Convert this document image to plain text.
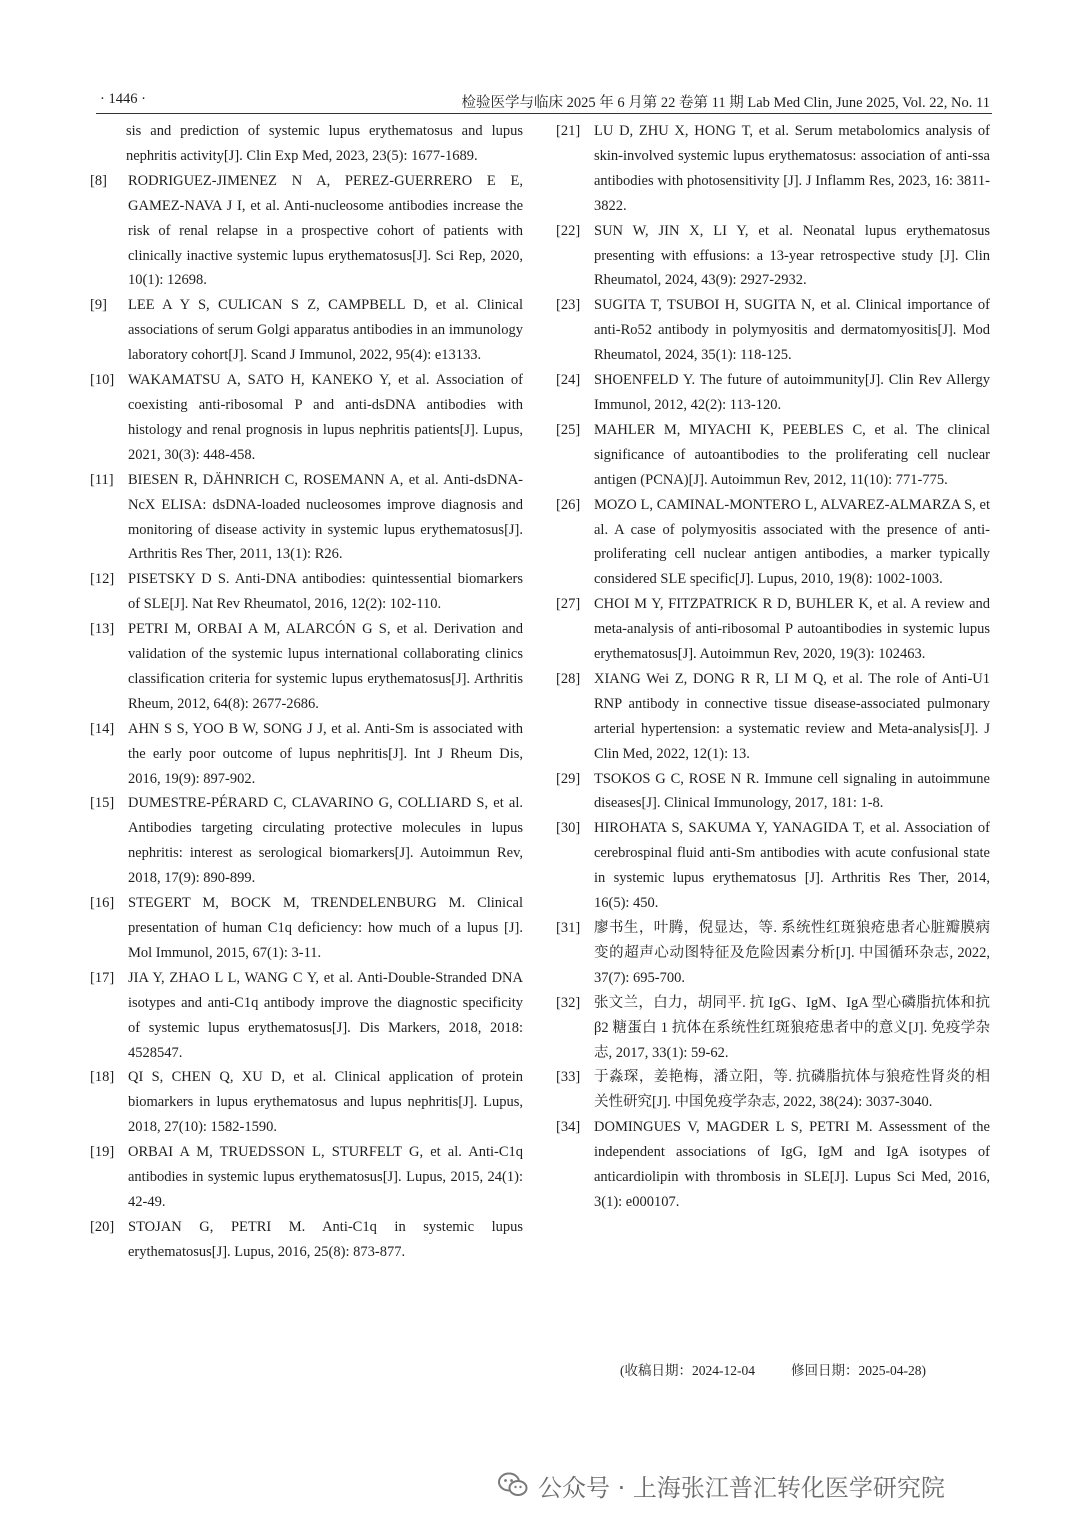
· 1446 ·	检验医学与临床 2025 年 6 月第 22 卷第 11 期 Lab Med Clin, June 2025, Vol. 22, No. 11
sis and prediction of systemic lupus erythematosus and lupus nephritis activity[J]. Clin Exp Med, 2023, 23(5): 1677-1689.
[8] RODRIGUEZ-JIMENEZ N A, PEREZ-GUERRERO E E, GAMEZ-NAVA J I, et al. Anti-nucleosome antibodies increase the risk of renal relapse in a prospective cohort of patients with clinically inactive systemic lupus erythematosus[J]. Sci Rep, 2020, 10(1): 12698.
[9] LEE A Y S, CULICAN S Z, CAMPBELL D, et al. Clinical associations of serum Golgi apparatus antibodies in an immunology laboratory cohort[J]. Scand J Immunol, 2022, 95(4): e13133.
[10] WAKAMATSU A, SATO H, KANEKO Y, et al. Association of coexisting anti-ribosomal P and anti-dsDNA antibodies with histology and renal prognosis in lupus nephritis patients[J]. Lupus, 2021, 30(3): 448-458.
[11] BIESEN R, DÄHNRICH C, ROSEMANN A, et al. Anti-dsDNA-NcX ELISA: dsDNA-loaded nucleosomes improve diagnosis and monitoring of disease activity in systemic lupus erythematosus[J]. Arthritis Res Ther, 2011, 13(1): R26.
[12] PISETSKY D S. Anti-DNA antibodies: quintessential biomarkers of SLE[J]. Nat Rev Rheumatol, 2016, 12(2): 102-110.
[13] PETRI M, ORBAI A M, ALARCÓN G S, et al. Derivation and validation of the systemic lupus international collaborating clinics classification criteria for systemic lupus erythematosus[J]. Arthritis Rheum, 2012, 64(8): 2677-2686.
[14] AHN S S, YOO B W, SONG J J, et al. Anti-Sm is associated with the early poor outcome of lupus nephritis[J]. Int J Rheum Dis, 2016, 19(9): 897-902.
[15] DUMESTRE-PÉRARD C, CLAVARINO G, COLLIARD S, et al. Antibodies targeting circulating protective molecules in lupus nephritis: interest as serological biomarkers[J]. Autoimmun Rev, 2018, 17(9): 890-899.
[16] STEGERT M, BOCK M, TRENDELENBURG M. Clinical presentation of human C1q deficiency: how much of a lupus [J]. Mol Immunol, 2015, 67(1): 3-11.
[17] JIA Y, ZHAO L L, WANG C Y, et al. Anti-Double-Stranded DNA isotypes and anti-C1q antibody improve the diagnostic specificity of systemic lupus erythematosus[J]. Dis Markers, 2018, 2018: 4528547.
[18] QI S, CHEN Q, XU D, et al. Clinical application of protein biomarkers in lupus erythematosus and lupus nephritis[J]. Lupus, 2018, 27(10): 1582-1590.
[19] ORBAI A M, TRUEDSSON L, STURFELT G, et al. Anti-C1q antibodies in systemic lupus erythematosus[J]. Lupus, 2015, 24(1): 42-49.
[20] STOJAN G, PETRI M. Anti-C1q in systemic lupus erythematosus[J]. Lupus, 2016, 25(8): 873-877.
[21] LU D, ZHU X, HONG T, et al. Serum metabolomics analysis of skin-involved systemic lupus erythematosus: association of anti-ssa antibodies with photosensitivity [J]. J Inflamm Res, 2023, 16: 3811-3822.
[22] SUN W, JIN X, LI Y, et al. Neonatal lupus erythematosus presenting with effusions: a 13-year retrospective study [J]. Clin Rheumatol, 2024, 43(9): 2927-2932.
[23] SUGITA T, TSUBOI H, SUGITA N, et al. Clinical importance of anti-Ro52 antibody in polymyositis and dermatomyositis[J]. Mod Rheumatol, 2024, 35(1): 118-125.
[24] SHOENFELD Y. The future of autoimmunity[J]. Clin Rev Allergy Immunol, 2012, 42(2): 113-120.
[25] MAHLER M, MIYACHI K, PEEBLES C, et al. The clinical significance of autoantibodies to the proliferating cell nuclear antigen (PCNA)[J]. Autoimmun Rev, 2012, 11(10): 771-775.
[26] MOZO L, CAMINAL-MONTERO L, ALVAREZ-ALMARZA S, et al. A case of polymyositis associated with the presence of anti-proliferating cell nuclear antigen antibodies, a marker typically considered SLE specific[J]. Lupus, 2010, 19(8): 1002-1003.
[27] CHOI M Y, FITZPATRICK R D, BUHLER K, et al. A review and meta-analysis of anti-ribosomal P autoantibodies in systemic lupus erythematosus[J]. Autoimmun Rev, 2020, 19(3): 102463.
[28] XIANG Wei Z, DONG R R, LI M Q, et al. The role of Anti-U1 RNP antibody in connective tissue disease-associated pulmonary arterial hypertension: a systematic review and Meta-analysis[J]. J Clin Med, 2022, 12(1): 13.
[29] TSOKOS G C, ROSE N R. Immune cell signaling in autoimmune diseases[J]. Clinical Immunology, 2017, 181: 1-8.
[30] HIROHATA S, SAKUMA Y, YANAGIDA T, et al. Association of cerebrospinal fluid anti-Sm antibodies with acute confusional state in systemic lupus erythematosus [J]. Arthritis Res Ther, 2014, 16(5): 450.
[31] 廖书生，叶腾，倪显达，等. 系统性红斑狼疮患者心脏瓣膜病变的超声心动图特征及危险因素分析[J]. 中国循环杂志, 2022, 37(7): 695-700.
[32] 张文兰，白力，胡同平. 抗 IgG、IgM、IgA 型心磷脂抗体和抗 β2 糖蛋白 1 抗体在系统性红斑狼疮患者中的意义[J]. 免疫学杂志, 2017, 33(1): 59-62.
[33] 于淼琛，姜艳梅，潘立阳，等. 抗磷脂抗体与狼疮性肾炎的相关性研究[J]. 中国免疫学杂志, 2022, 38(24): 3037-3040.
[34] DOMINGUES V, MAGDER L S, PETRI M. Assessment of the independent associations of IgG, IgM and IgA isotypes of anticardiolipin with thrombosis in SLE[J]. Lupus Sci Med, 2016, 3(1): e000107.
(收稿日期：2024-12-04	修回日期：2025-04-28)
公众号 · 上海张江普汇转化医学研究院
